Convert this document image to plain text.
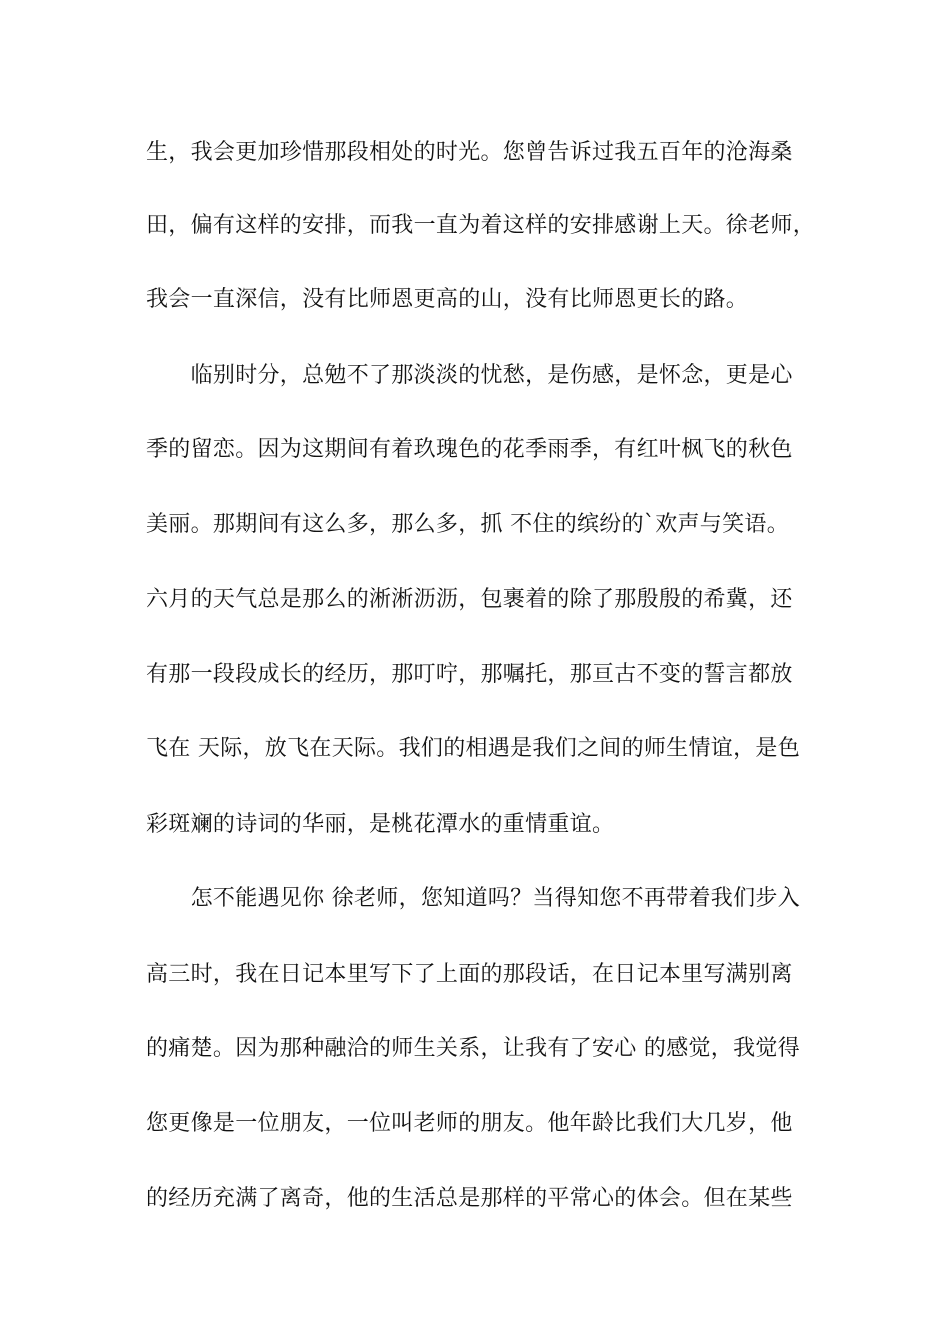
生，我会更加珍惜那段相处的时光。您曾告诉过我五百年的沧海桑
田，偏有这样的安排，而我一直为着这样的安排感谢上天。徐老师，
我会一直深信，没有比师恩更高的山，没有比师恩更长的路。
　　临别时分，总勉不了那淡淡的忧愁，是伤感，是怀念，更是心
季的留恋。因为这期间有着玖瑰色的花季雨季，有红叶枫飞的秋色
美丽。那期间有这么多，那么多，抓 不住的缤纷的`欢声与笑语。
六月的天气总是那么的淅淅沥沥，包裹着的除了那殷殷的希冀，还
有那一段段成长的经历，那叮咛，那嘱托，那亘古不变的誓言都放
飞在 天际，放飞在天际。我们的相遇是我们之间的师生情谊，是色
彩斑斓的诗词的华丽，是桃花潭水的重情重谊。
　　怎不能遇见你 徐老师，您知道吗？当得知您不再带着我们步入
高三时，我在日记本里写下了上面的那段话，在日记本里写满别离
的痛楚。因为那种融洽的师生关系，让我有了安心 的感觉，我觉得
您更像是一位朋友，一位叫老师的朋友。他年龄比我们大几岁，他
的经历充满了离奇，他的生活总是那样的平常心的体会。但在某些
